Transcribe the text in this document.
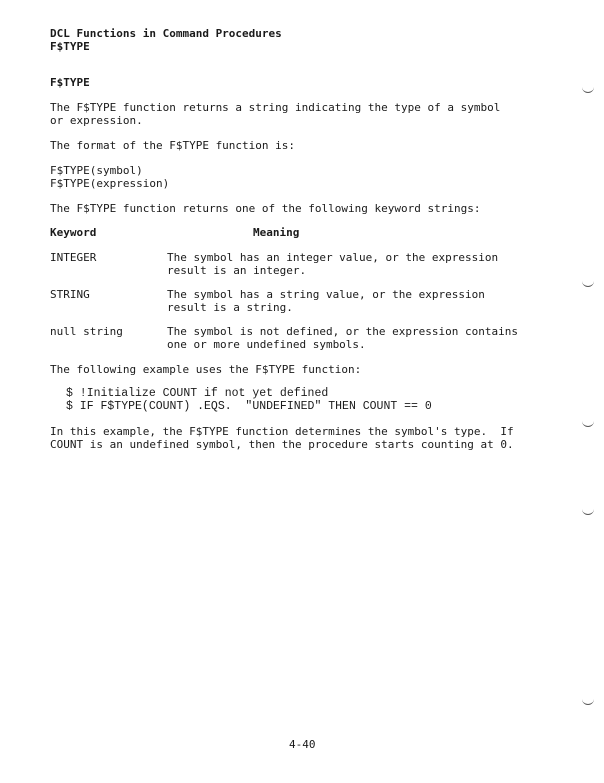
DCL Functions in Command Procedures
F$TYPE
F$TYPE
The F$TYPE function returns a string indicating the type of a symbol
or expression.
The format of the F$TYPE function is:
F$TYPE(symbol)
F$TYPE(expression)
The F$TYPE function returns one of the following keyword strings:
Keyword	Meaning
INTEGER	The symbol has an integer value, or the expression
result is an integer.
STRING	The symbol has a string value, or the expression
result is a string.
null string	The symbol is not defined, or the expression contains
one or more undefined symbols.
The following example uses the F$TYPE function:
$ !Initialize COUNT if not yet defined
$ IF F$TYPE(COUNT) .EQS.  "UNDEFINED" THEN COUNT == 0
In this example, the F$TYPE function determines the symbol's type.  If
COUNT is an undefined symbol, then the procedure starts counting at 0.
4-40
